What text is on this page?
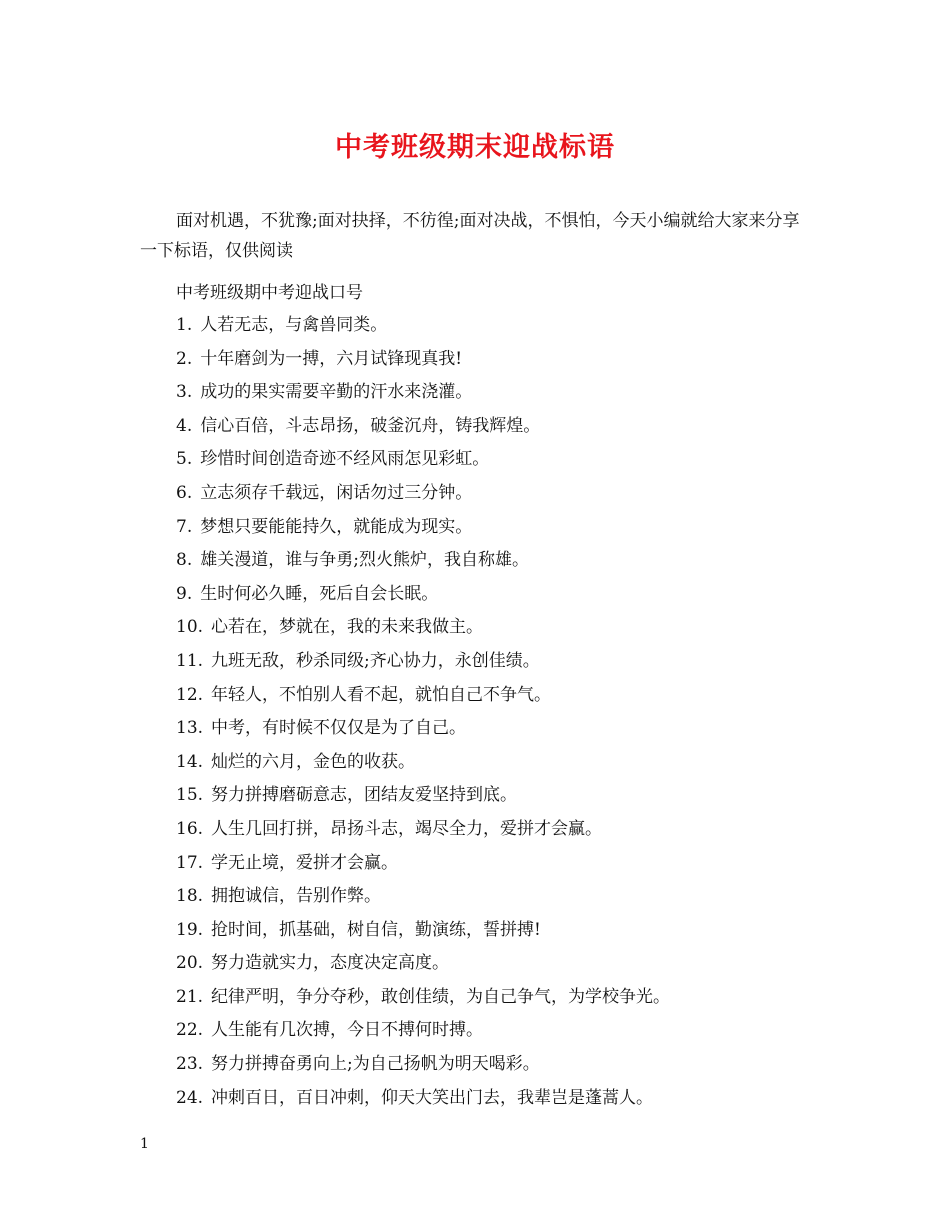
中考班级期末迎战标语

面对机遇，不犹豫;面对抉择，不彷徨;面对决战，不惧怕，今天小编就给大家来分享一下标语，仅供阅读

中考班级期中考迎战口号

1. 人若无志，与禽兽同类。
2. 十年磨剑为一搏，六月试锋现真我!
3. 成功的果实需要辛勤的汗水来浇灌。
4. 信心百倍，斗志昂扬，破釜沉舟，铸我辉煌。
5. 珍惜时间创造奇迹不经风雨怎见彩虹。
6. 立志须存千载远，闲话勿过三分钟。
7. 梦想只要能能持久，就能成为现实。
8. 雄关漫道，谁与争勇;烈火熊炉，我自称雄。
9. 生时何必久睡，死后自会长眠。
10. 心若在，梦就在，我的未来我做主。
11. 九班无敌，秒杀同级;齐心协力，永创佳绩。
12. 年轻人，不怕别人看不起，就怕自己不争气。
13. 中考，有时候不仅仅是为了自己。
14. 灿烂的六月，金色的收获。
15. 努力拼搏磨砺意志，团结友爱坚持到底。
16. 人生几回打拼，昂扬斗志，竭尽全力，爱拼才会赢。
17. 学无止境，爱拼才会赢。
18. 拥抱诚信，告别作弊。
19. 抢时间，抓基础，树自信，勤演练，誓拼搏!
20. 努力造就实力，态度决定高度。
21. 纪律严明，争分夺秒，敢创佳绩，为自己争气，为学校争光。
22. 人生能有几次搏，今日不搏何时搏。
23. 努力拼搏奋勇向上;为自己扬帆为明天喝彩。
24. 冲刺百日，百日冲刺，仰天大笑出门去，我辈岂是蓬蒿人。
1
